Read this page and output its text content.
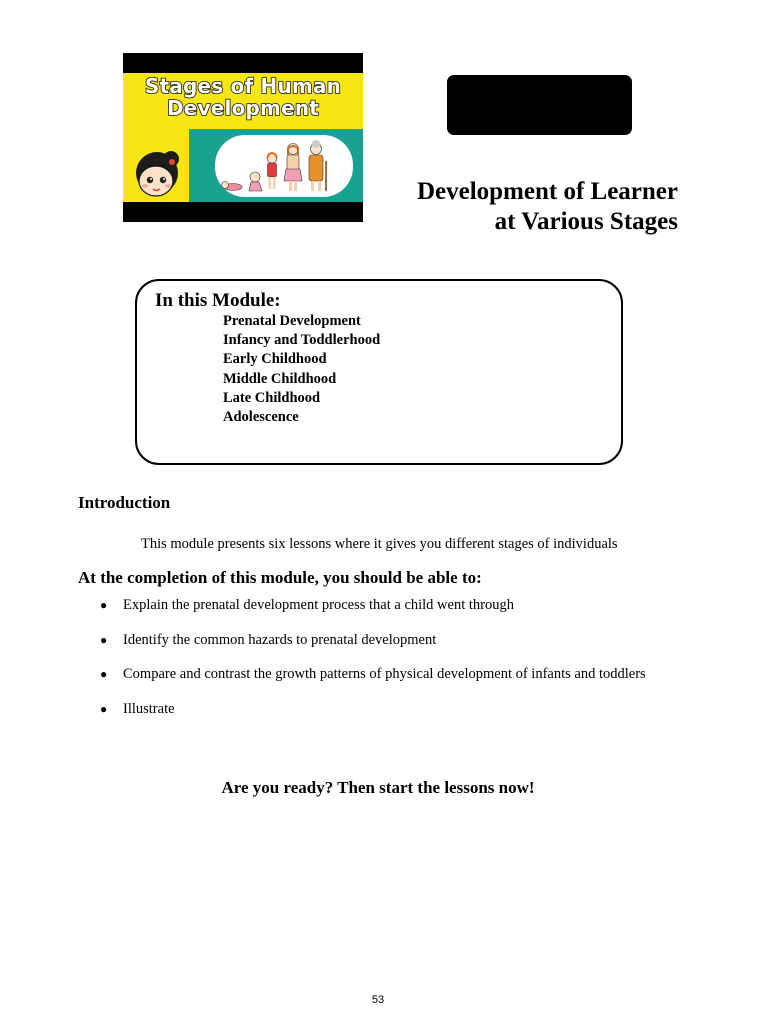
Stages of Human
Development
Development of Learner
at Various Stages
In this Module:
Prenatal Development
Infancy and Toddlerhood
Early Childhood
Middle Childhood
Late Childhood
Adolescence
Introduction
This module presents six lessons where it gives you different stages of individuals
At the completion of this module, you should be able to:
●	Explain the prenatal development process that a child went through
●	Identify the common hazards to prenatal development
●	Compare and contrast the growth patterns of physical development of infants and toddlers
●	Illustrate
Are you ready? Then start the lessons now!
53
